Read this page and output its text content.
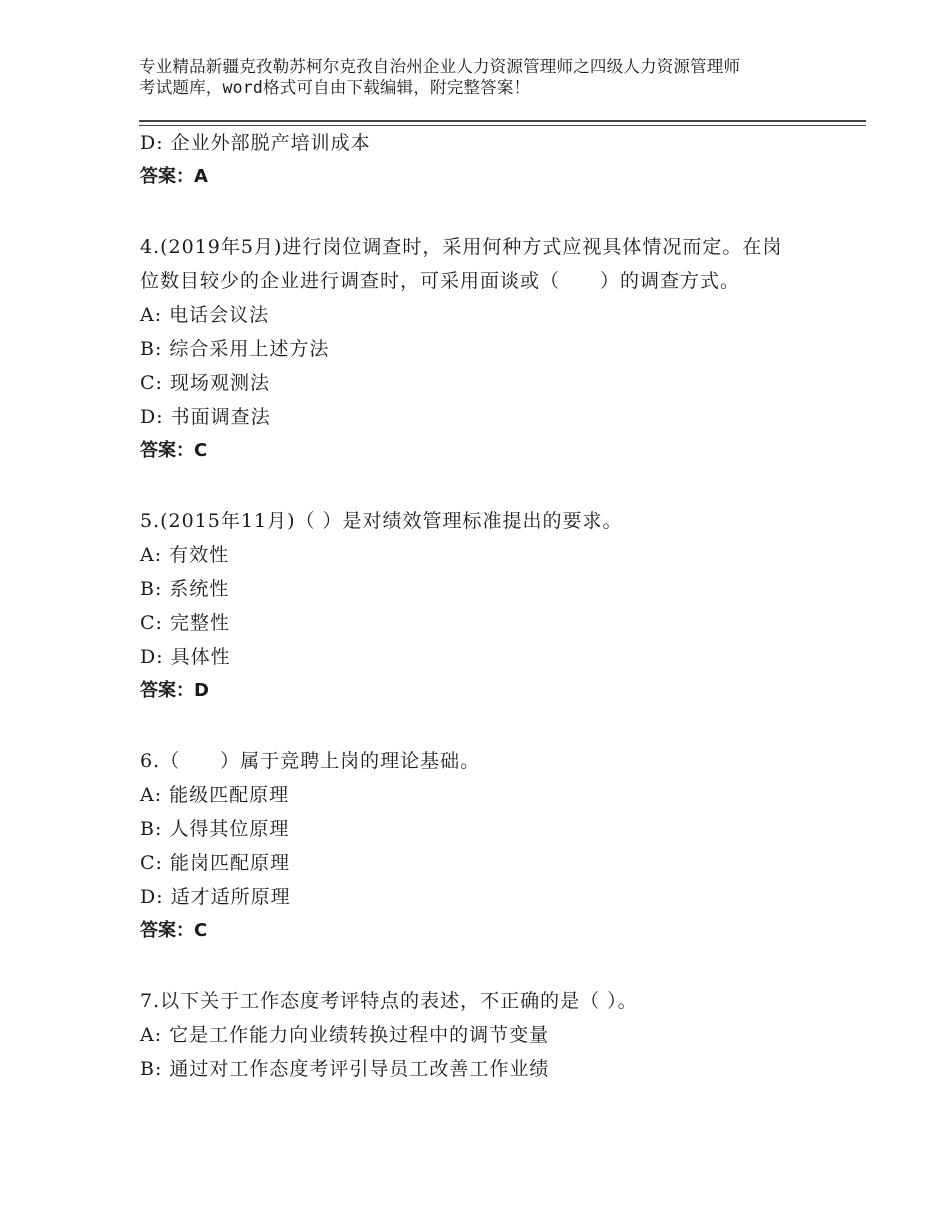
专业精品新疆克孜勒苏柯尔克孜自治州企业人力资源管理师之四级人力资源管理师
考试题库，word格式可自由下载编辑，附完整答案！
D: 企业外部脱产培训成本
答案：A
4.(2019年5月)进行岗位调查时，采用何种方式应视具体情况而定。在岗位数目较少的企业进行调查时，可采用面谈或（　　）的调查方式。
A: 电话会议法
B: 综合采用上述方法
C: 现场观测法
D: 书面调查法
答案：C
5.(2015年11月)（ ）是对绩效管理标准提出的要求。
A: 有效性
B: 系统性
C: 完整性
D: 具体性
答案：D
6.（　　）属于竞聘上岗的理论基础。
A: 能级匹配原理
B: 人得其位原理
C: 能岗匹配原理
D: 适才适所原理
答案：C
7.以下关于工作态度考评特点的表述，不正确的是（ ）。
A: 它是工作能力向业绩转换过程中的调节变量
B: 通过对工作态度考评引导员工改善工作业绩
